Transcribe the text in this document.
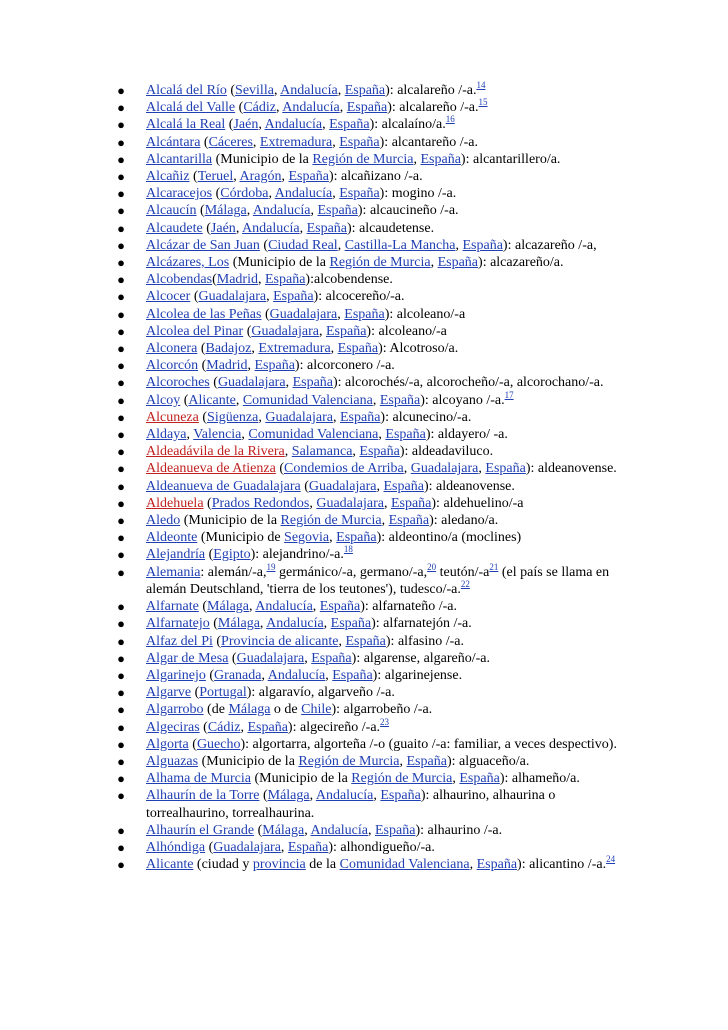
● Alcalá del Río (Sevilla, Andalucía, España): alcalareño /-a.$^{14}$
● Alcalá del Valle (Cádiz, Andalucía, España): alcalareño /-a.$^{15}$
● Alcalá la Real (Jaén, Andalucía, España): alcalaíno/a.$^{16}$
● Alcántara (Cáceres, Extremadura, España): alcantareño /-a.
● Alcantarilla (Municipio de la Región de Murcia, España): alcantarillero/a.
● Alcañiz (Teruel, Aragón, España): alcañizano /-a.
● Alcaracejos (Córdoba, Andalucía, España): mogino /-a.
● Alcaucín (Málaga, Andalucía, España): alcaucineño /-a.
● Alcaudete (Jaén, Andalucía, España): alcaudetense.
● Alcázar de San Juan (Ciudad Real, Castilla-La Mancha, España): alcazareño /-a,
● Alcázares, Los (Municipio de la Región de Murcia, España): alcazareño/a.
● Alcobendas(Madrid, España):alcobendense.
● Alcocer (Guadalajara, España): alcocereño/-a.
● Alcolea de las Peñas (Guadalajara, España): alcoleano/-a
● Alcolea del Pinar (Guadalajara, España): alcoleano/-a
● Alconera (Badajoz, Extremadura, España): Alcotroso/a.
● Alcorcón (Madrid, España): alcorconero /-a.
● Alcoroches (Guadalajara, España): alcorochés/-a, alcorocheño/-a, alcorochano/-a.
● Alcoy (Alicante, Comunidad Valenciana, España): alcoyano /-a.$^{17}$
● Alcuneza (Sigüenza, Guadalajara, España): alcunecino/-a.
● Aldaya, Valencia, Comunidad Valenciana, España): aldayero/ -a.
● Aldeadávila de la Rivera, Salamanca, España): aldeadaviluco.
● Aldeanueva de Atienza (Condemios de Arriba, Guadalajara, España): aldeanovense.
● Aldeanueva de Guadalajara (Guadalajara, España): aldeanovense.
● Aldehuela (Prados Redondos, Guadalajara, España): aldehuelino/-a
● Aledo (Municipio de la Región de Murcia, España): aledano/a.
● Aldeonte (Municipio de Segovia, España): aldeontino/a (moclines)
● Alejandría (Egipto): alejandrino/-a.$^{18}$
● Alemania: alemán/-a,$^{19}$ germánico/-a, germano/-a,$^{20}$ teutón/-a$^{21}$ (el país se llama en alemán Deutschland, 'tierra de los teutones'), tudesco/-a.$^{22}$
● Alfarnate (Málaga, Andalucía, España): alfarnateño /-a.
● Alfarnatejo (Málaga, Andalucía, España): alfarnatejón /-a.
● Alfaz del Pi (Provincia de alicante, España): alfasino /-a.
● Algar de Mesa (Guadalajara, España): algarense, algareño/-a.
● Algarinejo (Granada, Andalucía, España): algarinejense.
● Algarve (Portugal): algaravío, algarveño /-a.
● Algarrobo (de Málaga o de Chile): algarrobeño /-a.
● Algeciras (Cádiz, España): algecireño /-a.$^{23}$
● Algorta (Guecho): algortarra, algorteña /-o (guaito /-a: familiar, a veces despectivo).
● Alguazas (Municipio de la Región de Murcia, España): alguaceño/a.
● Alhama de Murcia (Municipio de la Región de Murcia, España): alhameño/a.
● Alhaurín de la Torre (Málaga, Andalucía, España): alhaurino, alhaurina o torrealhaurino, torrealhaurina.
● Alhaurín el Grande (Málaga, Andalucía, España): alhaurino /-a.
● Alhóndiga (Guadalajara, España): alhondigueño/-a.
● Alicante (ciudad y provincia de la Comunidad Valenciana, España): alicantino /-a.$^{24}$
